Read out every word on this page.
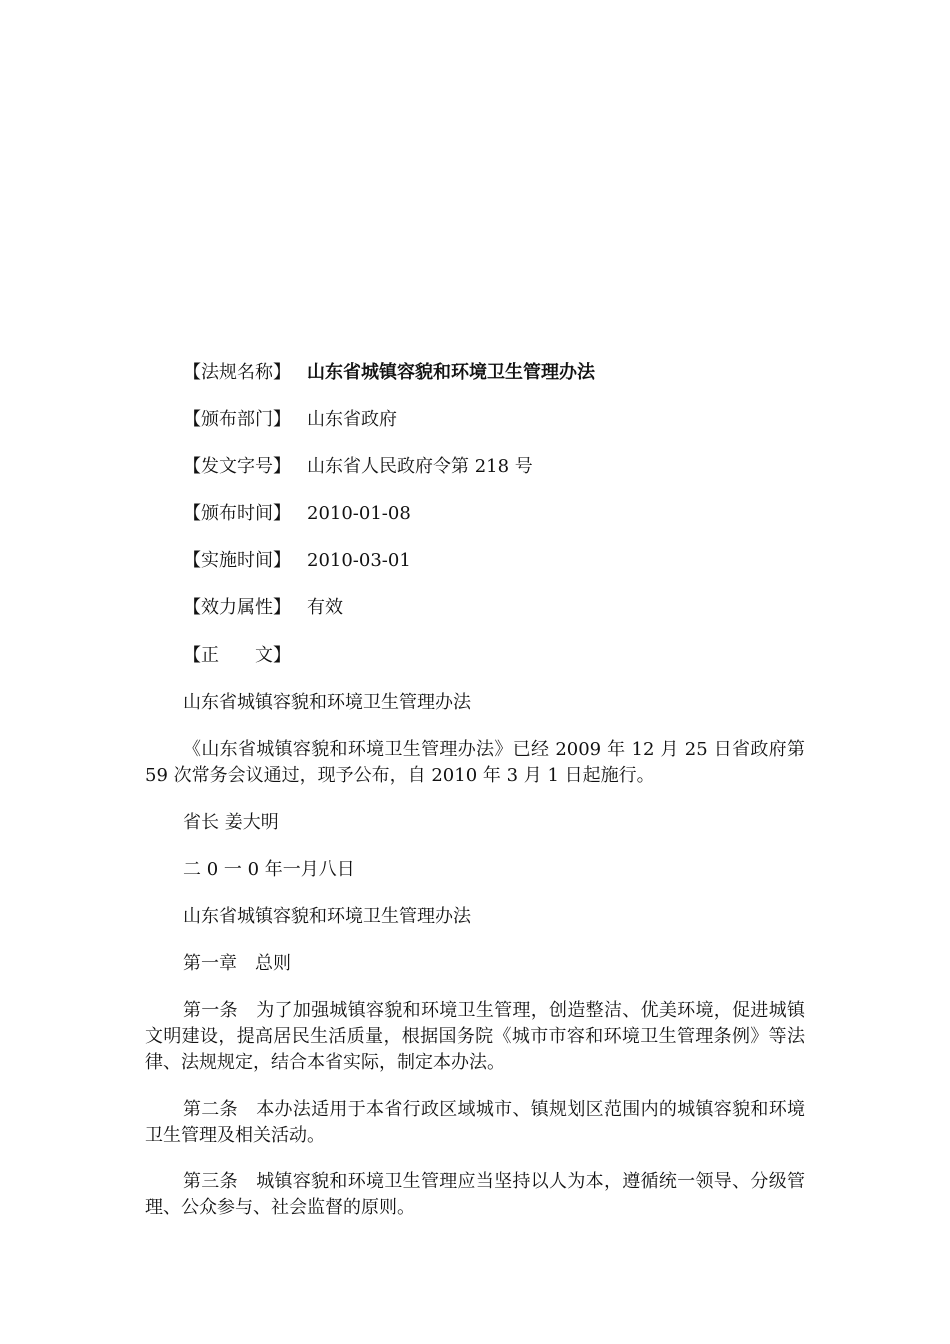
【法规名称】 山东省城镇容貌和环境卫生管理办法
【颁布部门】 山东省政府
【发文字号】 山东省人民政府令第 218 号
【颁布时间】 2010-01-08
【实施时间】 2010-03-01
【效力属性】 有效
【正　　文】
山东省城镇容貌和环境卫生管理办法
《山东省城镇容貌和环境卫生管理办法》已经 2009 年 12 月 25 日省政府第 59 次常务会议通过，现予公布，自 2010 年 3 月 1 日起施行。
省长 姜大明
二 0 一 0 年一月八日
山东省城镇容貌和环境卫生管理办法
第一章　总则
第一条　为了加强城镇容貌和环境卫生管理，创造整洁、优美环境，促进城镇文明建设，提高居民生活质量，根据国务院《城市市容和环境卫生管理条例》等法律、法规规定，结合本省实际，制定本办法。
第二条　本办法适用于本省行政区域城市、镇规划区范围内的城镇容貌和环境卫生管理及相关活动。
第三条　城镇容貌和环境卫生管理应当坚持以人为本，遵循统一领导、分级管理、公众参与、社会监督的原则。
